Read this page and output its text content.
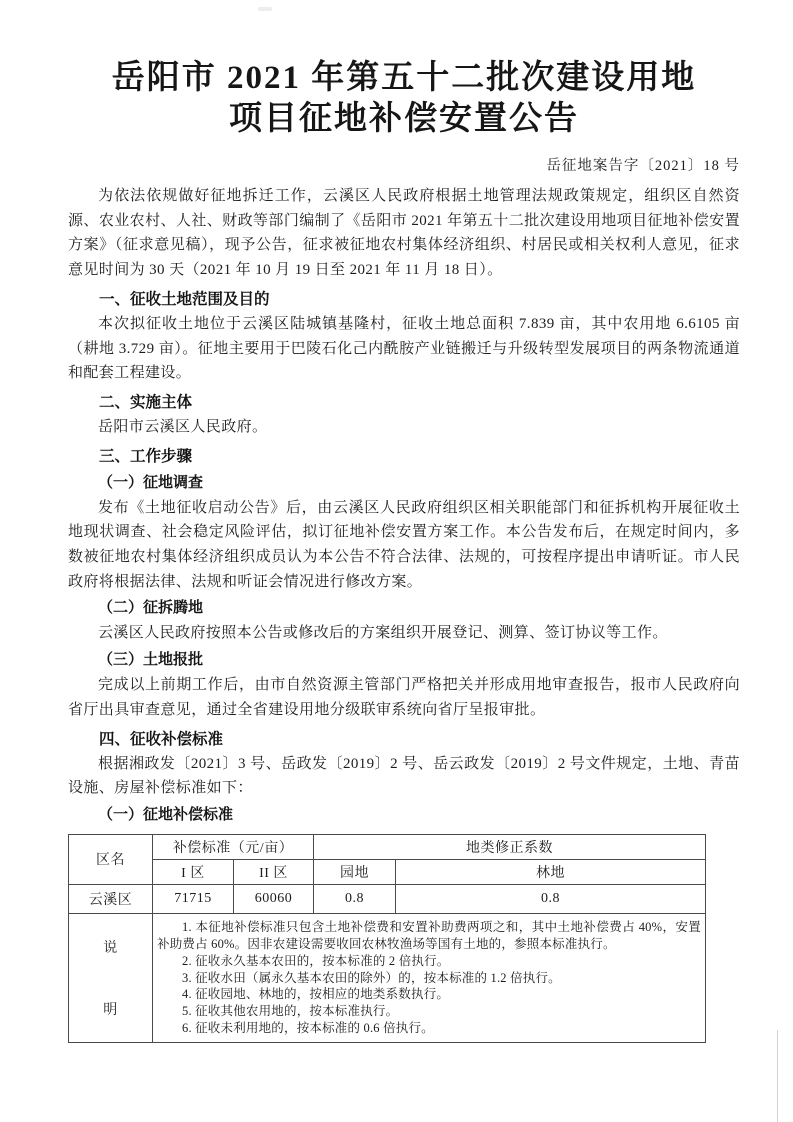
岳阳市 2021 年第五十二批次建设用地
项目征地补偿安置公告
岳征地案告字〔2021〕18 号

为依法依规做好征地拆迁工作，云溪区人民政府根据土地管理法规政策规定，组织区自然资源、农业农村、人社、财政等部门编制了《岳阳市 2021 年第五十二批次建设用地项目征地补偿安置方案》（征求意见稿），现予公告，征求被征地农村集体经济组织、村居民或相关权利人意见，征求意见时间为 30 天（2021 年 10 月 19 日至 2021 年 11 月 18 日）。

一、征收土地范围及目的

本次拟征收土地位于云溪区陆城镇基隆村，征收土地总面积 7.839 亩，其中农用地 6.6105 亩（耕地 3.729 亩）。征地主要用于巴陵石化己内酰胺产业链搬迁与升级转型发展项目的两条物流通道和配套工程建设。

二、实施主体

岳阳市云溪区人民政府。

三、工作步骤
（一）征地调查

发布《土地征收启动公告》后，由云溪区人民政府组织区相关职能部门和征拆机构开展征收土地现状调查、社会稳定风险评估，拟订征地补偿安置方案工作。本公告发布后，在规定时间内，多数被征地农村集体经济组织成员认为本公告不符合法律、法规的，可按程序提出申请听证。市人民政府将根据法律、法规和听证会情况进行修改方案。

（二）征拆腾地

云溪区人民政府按照本公告或修改后的方案组织开展登记、测算、签订协议等工作。

（三）土地报批

完成以上前期工作后，由市自然资源主管部门严格把关并形成用地审查报告，报市人民政府向省厅出具审查意见，通过全省建设用地分级联审系统向省厅呈报审批。

四、征收补偿标准

根据湘政发〔2021〕3 号、岳政发〔2019〕2 号、岳云政发〔2019〕2 号文件规定，土地、青苗设施、房屋补偿标准如下：

（一）征地补偿标准
区名	补偿标准（元/亩）		地类修正系数	
	I 区	II 区	园地	林地
云溪区	71715	60060	0.8	0.8

说
明

1. 本征地补偿标准只包含土地补偿费和安置补助费两项之和，其中土地补偿费占 40%，安置补助费占 60%。因非农建设需要收回农林牧渔场等国有土地的，参照本标准执行。

2. 征收永久基本农田的，按本标准的 2 倍执行。

3. 征收水田（属永久基本农田的除外）的，按本标准的 1.2 倍执行。

4. 征收园地、林地的，按相应的地类系数执行。

5. 征收其他农用地的，按本标准执行。

6. 征收未利用地的，按本标准的 0.6 倍执行。
